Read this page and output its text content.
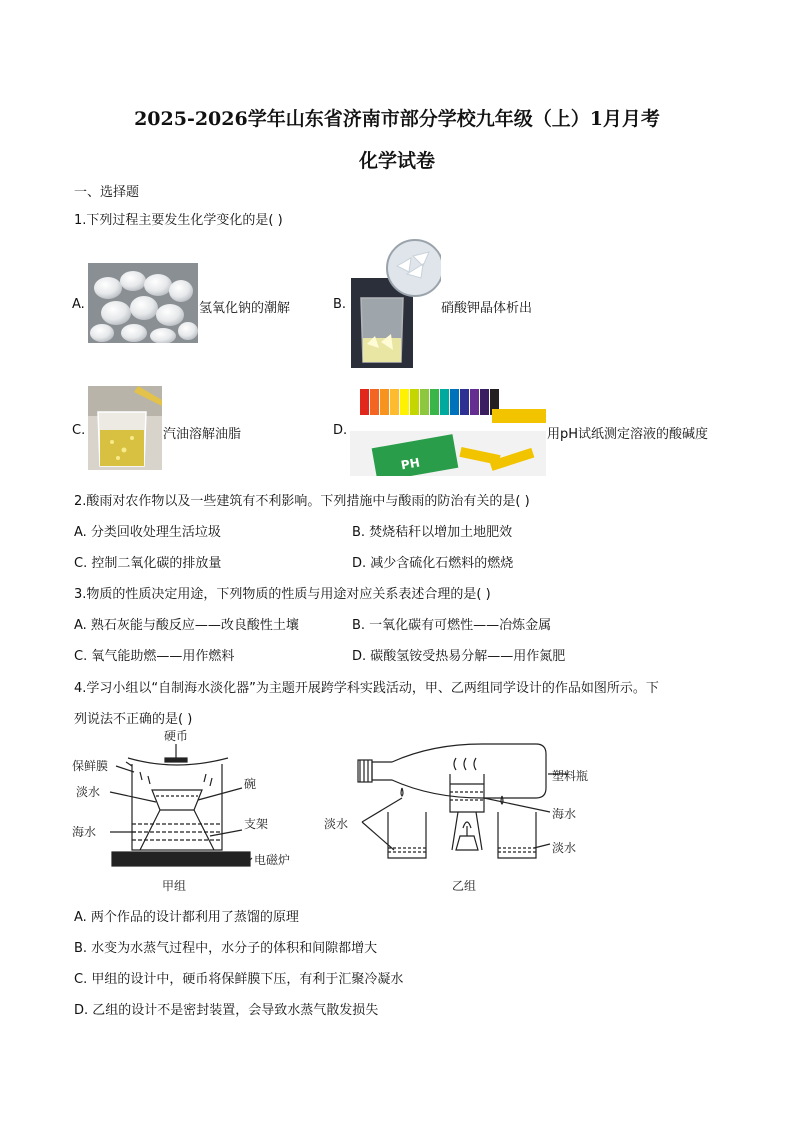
2025-2026学年山东省济南市部分学校九年级（上）1月月考
化学试卷
一、选择题
1.下列过程主要发生化学变化的是( )
A.	氢氧化钠的潮解	B.	硝酸钾晶体析出
C.	汽油溶解油脂	D.
PH
用pH试纸测定溶液的酸碱度
2.酸雨对农作物以及一些建筑有不利影响。下列措施中与酸雨的防治有关的是( )
A. 分类回收处理生活垃圾	B. 焚烧秸秆以增加土地肥效
C. 控制二氧化碳的排放量	D. 减少含硫化石燃料的燃烧
3.物质的性质决定用途，下列物质的性质与用途对应关系表述合理的是( )
A. 熟石灰能与酸反应——改良酸性土壤	B. 一氧化碳有可燃性——冶炼金属
C. 氧气能助燃——用作燃料	D. 碳酸氢铵受热易分解——用作氮肥
4.学习小组以“自制海水淡化器”为主题开展跨学科实践活动，甲、乙两组同学设计的作品如图所示。下
列说法不正确的是( )
硬币
保鲜膜
淡水
海水
碗
支架
电磁炉
甲组
塑料瓶
淡水
海水
淡水
乙组
A. 两个作品的设计都利用了蒸馏的原理
B. 水变为水蒸气过程中，水分子的体积和间隙都增大
C. 甲组的设计中，硬币将保鲜膜下压，有利于汇聚冷凝水
D. 乙组的设计不是密封装置，会导致水蒸气散发损失
